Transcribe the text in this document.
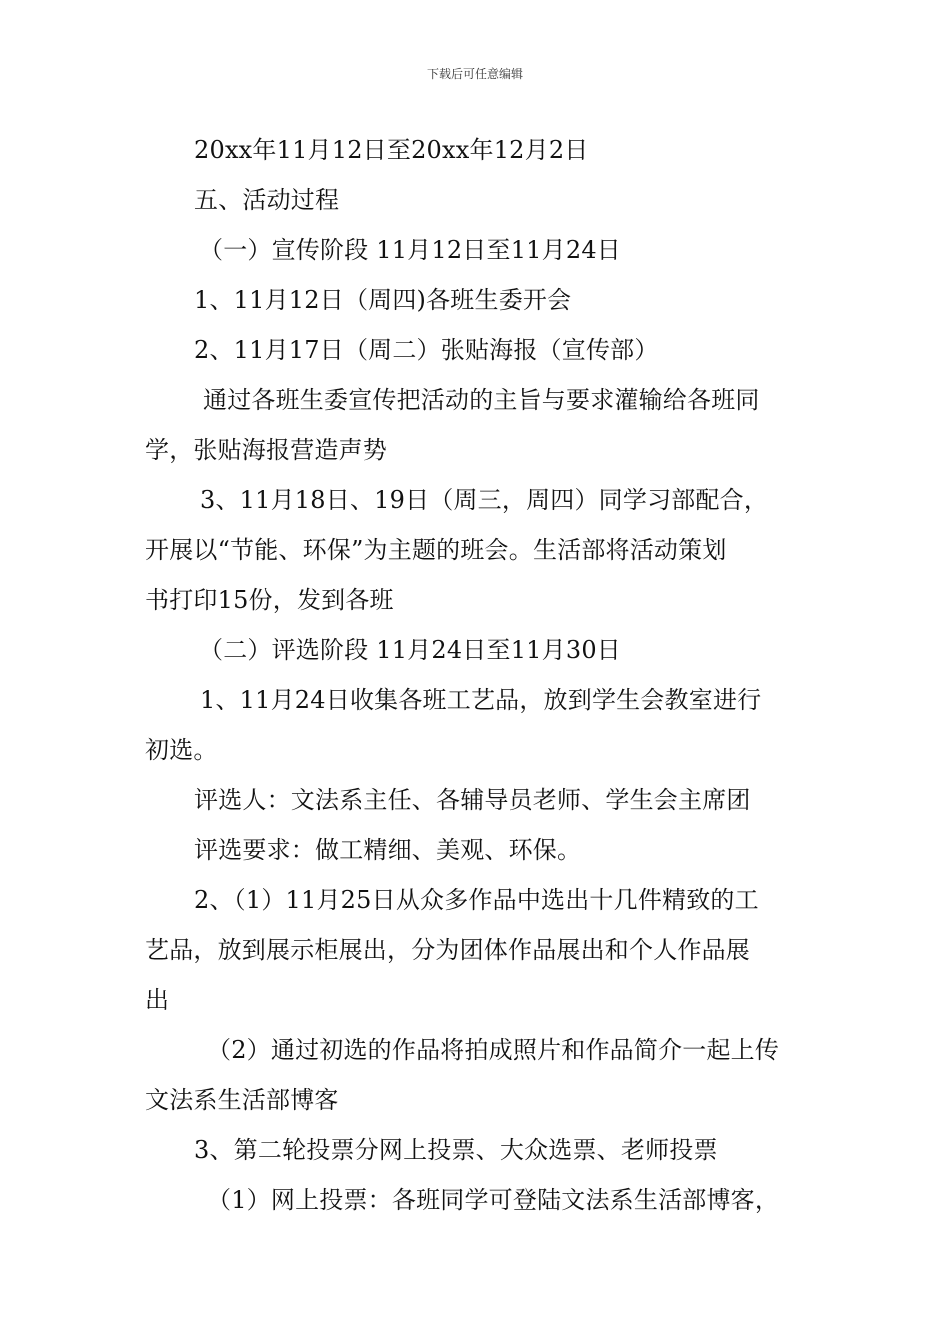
下载后可任意编辑
20xx年11月12日至20xx年12月2日
五、活动过程
（一）宣传阶段 11月12日至11月24日
1、11月12日（周四)各班生委开会
2、11月17日（周二）张贴海报（宣传部）
通过各班生委宣传把活动的主旨与要求灌输给各班同
学，张贴海报营造声势
3、11月18日、19日（周三，周四）同学习部配合，
开展以“节能、环保”为主题的班会。生活部将活动策划
书打印15份，发到各班
（二）评选阶段 11月24日至11月30日
1、11月24日收集各班工艺品，放到学生会教室进行
初选。
评选人：文法系主任、各辅导员老师、学生会主席团
评选要求：做工精细、美观、环保。
2、（1）11月25日从众多作品中选出十几件精致的工
艺品，放到展示柜展出，分为团体作品展出和个人作品展
出
（2）通过初选的作品将拍成照片和作品简介一起上传
文法系生活部博客
3、第二轮投票分网上投票、大众选票、老师投票
（1）网上投票：各班同学可登陆文法系生活部博客，
